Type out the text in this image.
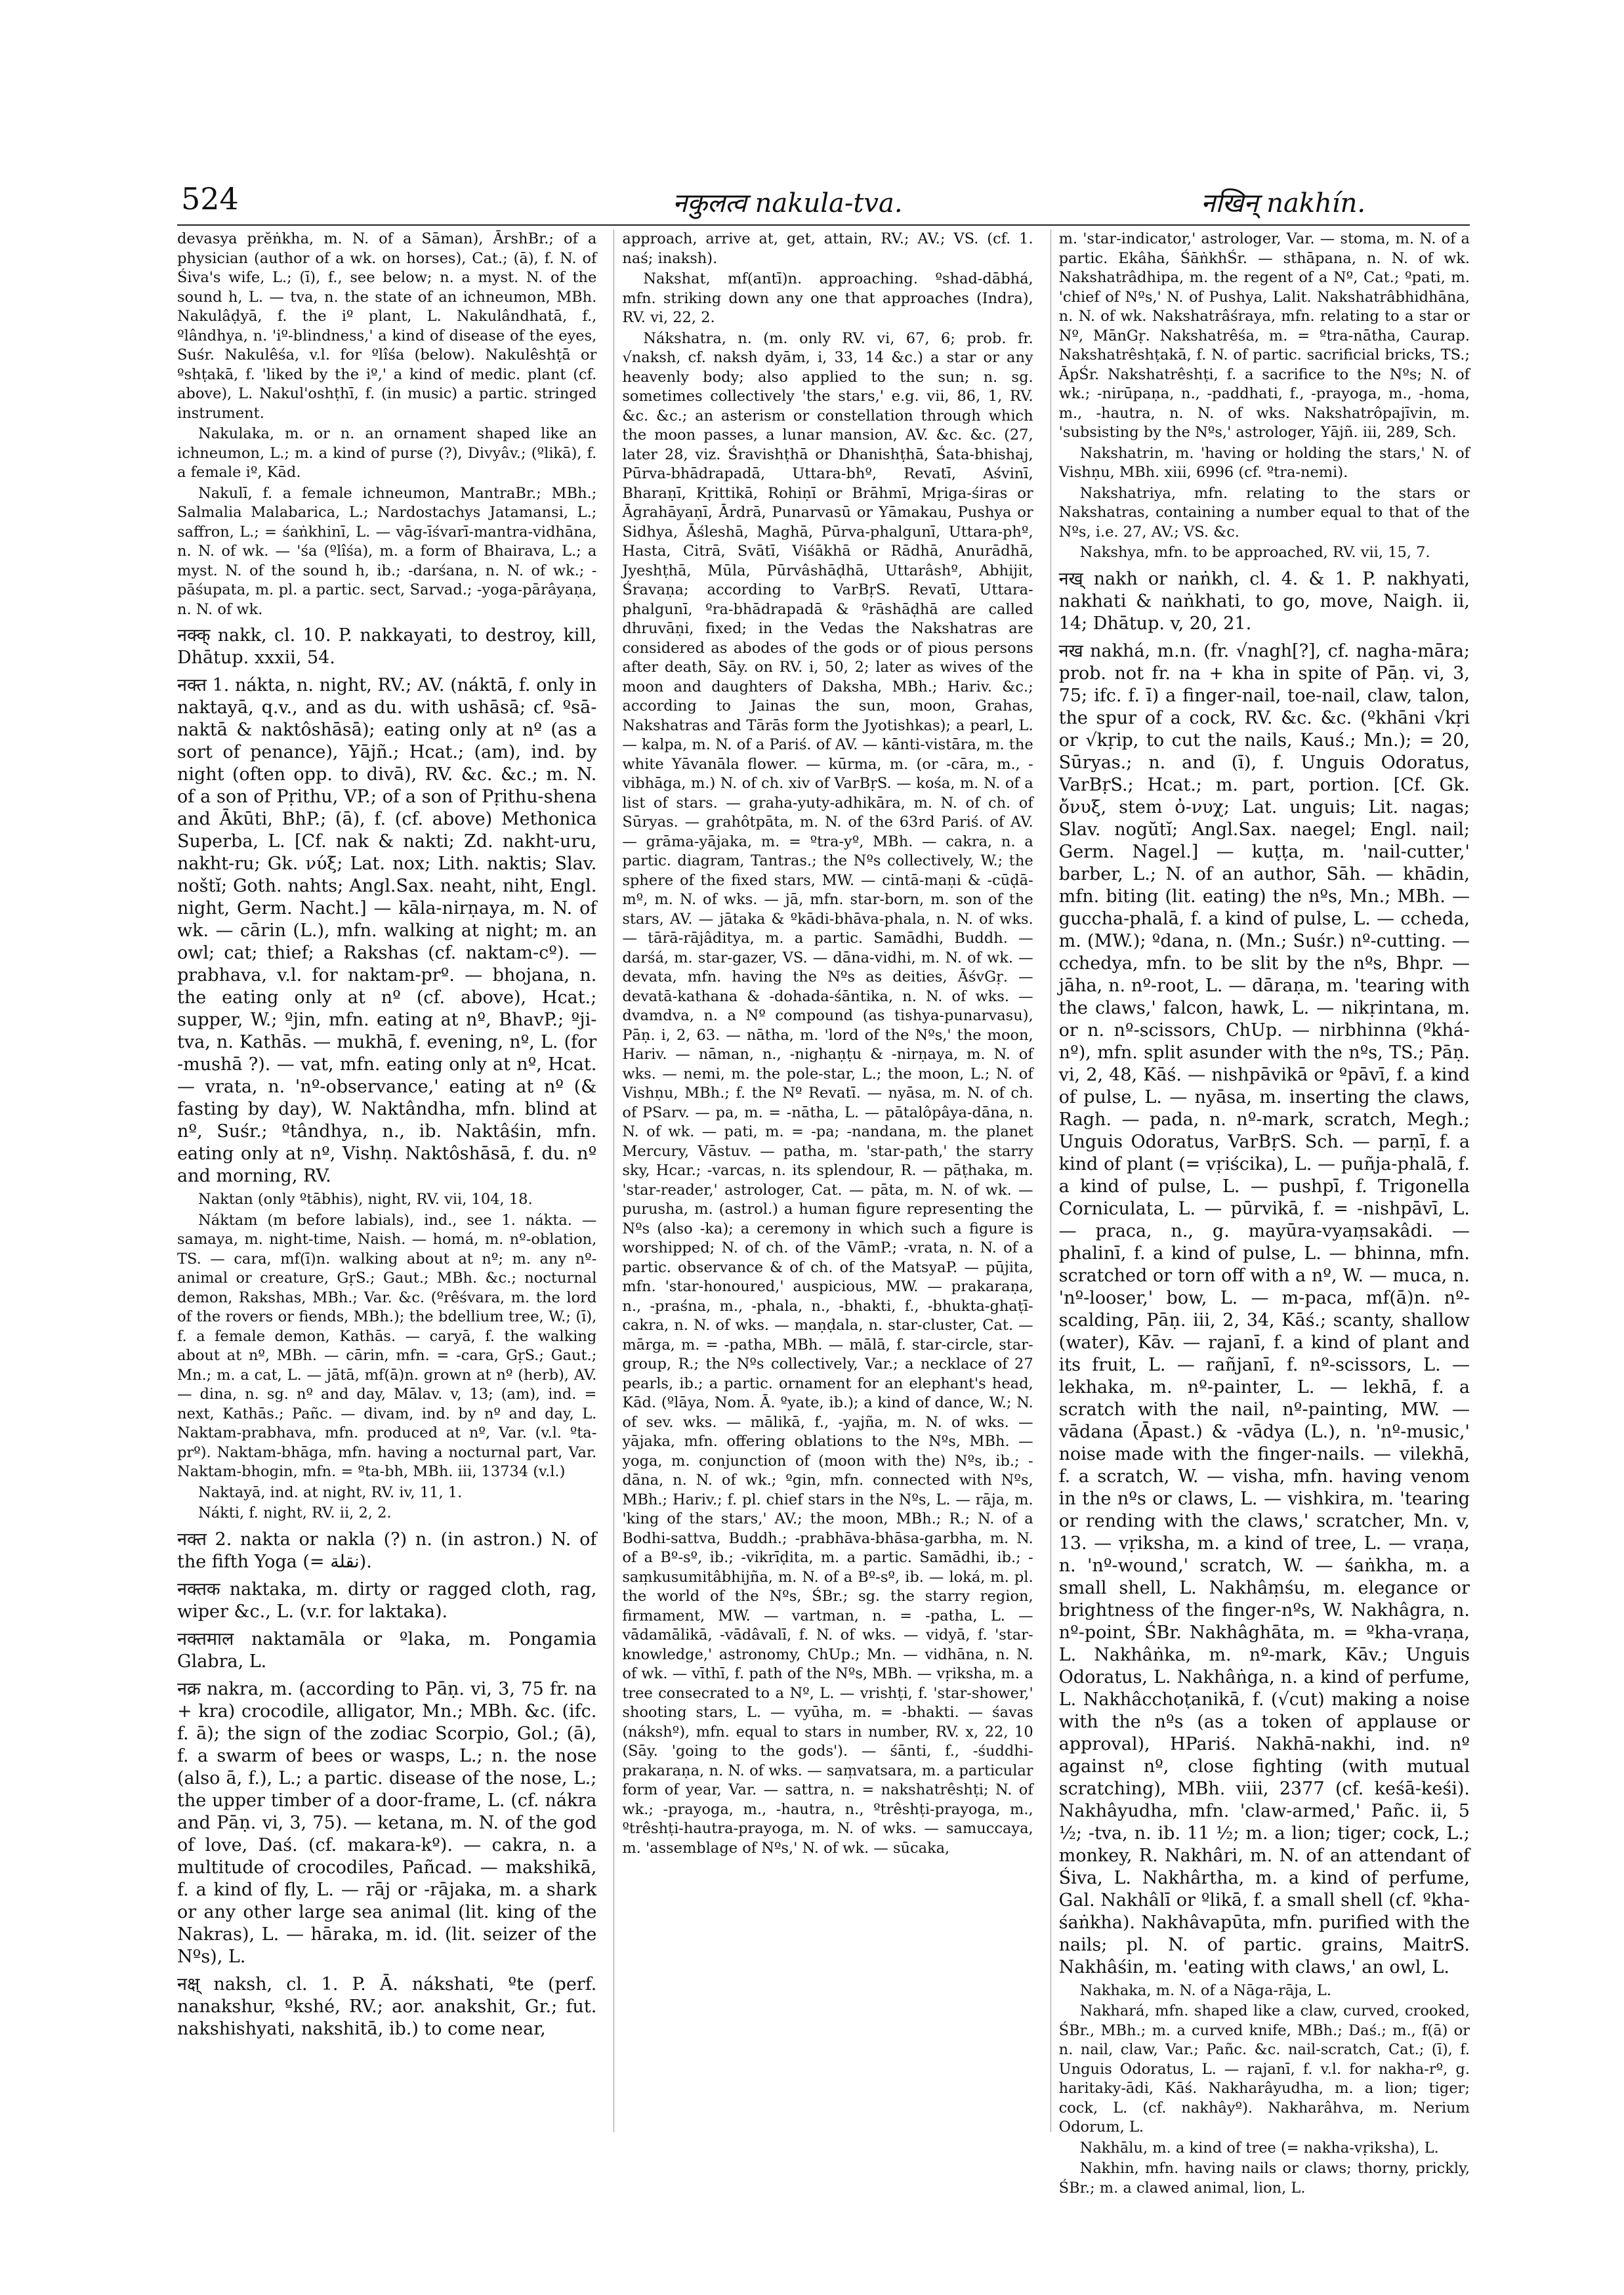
524	नकुलत्व nakula-tva.	नखिन् nakhín.

devasya prĕṅkha, m. N. of a Sāman), ĀrshBr.; of a physician (author of a wk. on horses), Cat.; (ā), f. N. of Śiva's wife, L.; (ī), f., see below; n. a myst. N. of the sound h, L. — tva, n. the state of an ichneumon, MBh. Nakulâḍyā, f. the iº plant, L. Nakulândhatā, f., ºlândhya, n. 'iº-blindness,' a kind of disease of the eyes, Suśr. Nakulêśa, v.l. for ºlîśa (below). Nakulêshṭā or ºshṭakā, f. 'liked by the iº,' a kind of medic. plant (cf. above), L. Nakul'oshṭhī, f. (in music) a partic. stringed instrument.

Nakulaka, m. or n. an ornament shaped like an ichneumon, L.; m. a kind of purse (?), Divyâv.; (ºlikā), f. a female iº, Kād.

Nakulī, f. a female ichneumon, MantraBr.; MBh.; Salmalia Malabarica, L.; Nardostachys Jatamansi, L.; saffron, L.; = śaṅkhinī, L. — vāg-īśvarī-mantra-vidhāna, n. N. of wk. — 'śa (ºlîśa), m. a form of Bhairava, L.; a myst. N. of the sound h, ib.; -darśana, n. N. of wk.; -pāśupata, m. pl. a partic. sect, Sarvad.; -yoga-pārâyaṇa, n. N. of wk.

नक्क् nakk, cl. 10. P. nakkayati, to destroy, kill, Dhātup. xxxii, 54.

नक्त 1. nákta, n. night, RV.; AV. (náktā, f. only in naktayā, q.v., and as du. with ushāsā; cf. ºsā-naktā & naktôshāsā); eating only at nº (as a sort of penance), Yājñ.; Hcat.; (am), ind. by night (often opp. to divā), RV. &c. &c.; m. N. of a son of Pṛithu, VP.; of a son of Pṛithu-shena and Ākūti, BhP.; (ā), f. (cf. above) Methonica Superba, L. [Cf. nak & nakti; Zd. nakht-uru, nakht-ru; Gk. νύξ; Lat. nox; Lith. naktis; Slav. noštĭ; Goth. nahts; Angl.Sax. neaht, niht, Engl. night, Germ. Nacht.] — kāla-nirṇaya, m. N. of wk. — cārin (L.), mfn. walking at night; m. an owl; cat; thief; a Rakshas (cf. naktam-cº). — prabhava, v.l. for naktam-prº. — bhojana, n. the eating only at nº (cf. above), Hcat.; supper, W.; ºjin, mfn. eating at nº, BhavP.; ºji-tva, n. Kathās. — mukhā, f. evening, nº, L. (for -mushā ?). — vat, mfn. eating only at nº, Hcat. — vrata, n. 'nº-observance,' eating at nº (& fasting by day), W. Naktândha, mfn. blind at nº, Suśr.; ºtândhya, n., ib. Naktâśin, mfn. eating only at nº, Vishṇ. Naktôshāsā, f. du. nº and morning, RV.

Naktan (only ºtābhis), night, RV. vii, 104, 18.

Náktam (m before labials), ind., see 1. nákta. — samaya, m. night-time, Naish. — homá, m. nº-oblation, TS. — cara, mf(ī)n. walking about at nº; m. any nº-animal or creature, GṛS.; Gaut.; MBh. &c.; nocturnal demon, Rakshas, MBh.; Var. &c. (ºrêśvara, m. the lord of the rovers or fiends, MBh.); the bdellium tree, W.; (ī), f. a female demon, Kathās. — caryā, f. the walking about at nº, MBh. — cārin, mfn. = -cara, GṛS.; Gaut.; Mn.; m. a cat, L. — jātā, mf(ā)n. grown at nº (herb), AV. — dina, n. sg. nº and day, Mālav. v, 13; (am), ind. = next, Kathās.; Pañc. — divam, ind. by nº and day, L. Naktam-prabhava, mfn. produced at nº, Var. (v.l. ºta-prº). Naktam-bhāga, mfn. having a nocturnal part, Var. Naktam-bhogin, mfn. = ºta-bh, MBh. iii, 13734 (v.l.)

Naktayā, ind. at night, RV. iv, 11, 1.

Nákti, f. night, RV. ii, 2, 2.

नक्त 2. nakta or nakla (?) n. (in astron.) N. of the fifth Yoga (= نقلة).

नक्तक naktaka, m. dirty or ragged cloth, rag, wiper &c., L. (v.r. for laktaka).

नक्तमाल naktamāla or ºlaka, m. Pongamia Glabra, L.

नक्र nakra, m. (according to Pāṇ. vi, 3, 75 fr. na + kra) crocodile, alligator, Mn.; MBh. &c. (ifc. f. ā); the sign of the zodiac Scorpio, Gol.; (ā), f. a swarm of bees or wasps, L.; n. the nose (also ā, f.), L.; a partic. disease of the nose, L.; the upper timber of a door-frame, L. (cf. nákra and Pāṇ. vi, 3, 75). — ketana, m. N. of the god of love, Daś. (cf. makara-kº). — cakra, n. a multitude of crocodiles, Pañcad. — makshikā, f. a kind of fly, L. — rāj or -rājaka, m. a shark or any other large sea animal (lit. king of the Nakras), L. — hāraka, m. id. (lit. seizer of the Nºs), L.

नक्ष् naksh, cl. 1. P. Ā. nákshati, ºte (perf. nanakshur, ºkshé, RV.; aor. anakshit, Gr.; fut. nakshishyati, nakshitā, ib.) to come near,

approach, arrive at, get, attain, RV.; AV.; VS. (cf. 1. naś; inaksh).

Nakshat, mf(antī)n. approaching. ºshad-dābhá, mfn. striking down any one that approaches (Indra), RV. vi, 22, 2.

Nákshatra, n. (m. only RV. vi, 67, 6; prob. fr. √naksh, cf. naksh dyām, i, 33, 14 &c.) a star or any heavenly body; also applied to the sun; n. sg. sometimes collectively 'the stars,' e.g. vii, 86, 1, RV. &c. &c.; an asterism or constellation through which the moon passes, a lunar mansion, AV. &c. &c. (27, later 28, viz. Śravishṭhā or Dhanishṭhā, Śata-bhishaj, Pūrva-bhādrapadā, Uttara-bhº, Revatī, Aśvinī, Bharaṇī, Kṛittikā, Rohiṇī or Brāhmī, Mṛiga-śiras or Āgrahāyaṇī, Ārdrā, Punarvasū or Yāmakau, Pushya or Sidhya, Āśleshā, Maghā, Pūrva-phalgunī, Uttara-phº, Hasta, Citrā, Svātī, Viśākhā or Rādhā, Anurādhā, Jyeshṭhā, Mūla, Pūrvâshāḍhā, Uttarâshº, Abhijit, Śravaṇa; according to VarBṛS. Revatī, Uttara-phalgunī, ºra-bhādrapadā & ºrāshāḍhā are called dhruvāṇi, fixed; in the Vedas the Nakshatras are considered as abodes of the gods or of pious persons after death, Sāy. on RV. i, 50, 2; later as wives of the moon and daughters of Daksha, MBh.; Hariv. &c.; according to Jainas the sun, moon, Grahas, Nakshatras and Tārās form the Jyotishkas); a pearl, L. — kalpa, m. N. of a Pariś. of AV. — kānti-vistāra, m. the white Yāvanāla flower. — kūrma, m. (or -cāra, m., -vibhāga, m.) N. of ch. xiv of VarBṛS. — kośa, m. N. of a list of stars. — graha-yuty-adhikāra, m. N. of ch. of Sūryas. — grahôtpāta, m. N. of the 63rd Pariś. of AV. — grāma-yājaka, m. = ºtra-yº, MBh. — cakra, n. a partic. diagram, Tantras.; the Nºs collectively, W.; the sphere of the fixed stars, MW. — cintā-maṇi & -cūḍā-mº, m. N. of wks. — jā, mfn. star-born, m. son of the stars, AV. — jātaka & ºkādi-bhāva-phala, n. N. of wks. — tārā-rājâditya, m. a partic. Samādhi, Buddh. — darśá, m. star-gazer, VS. — dāna-vidhi, m. N. of wk. — devata, mfn. having the Nºs as deities, ĀśvGṛ. — devatā-kathana & -dohada-śāntika, n. N. of wks. — dvamdva, n. a Nº compound (as tishya-punarvasu), Pāṇ. i, 2, 63. — nātha, m. 'lord of the Nºs,' the moon, Hariv. — nāman, n., -nighaṇṭu & -nirṇaya, m. N. of wks. — nemi, m. the pole-star, L.; the moon, L.; N. of Vishṇu, MBh.; f. the Nº Revatī. — nyāsa, m. N. of ch. of PSarv. — pa, m. = -nātha, L. — pātalôpâya-dāna, n. N. of wk. — pati, m. = -pa; -nandana, m. the planet Mercury, Vāstuv. — patha, m. 'star-path,' the starry sky, Hcar.; -varcas, n. its splendour, R. — pāṭhaka, m. 'star-reader,' astrologer, Cat. — pāta, m. N. of wk. — purusha, m. (astrol.) a human figure representing the Nºs (also -ka); a ceremony in which such a figure is worshipped; N. of ch. of the VāmP.; -vrata, n. N. of a partic. observance & of ch. of the MatsyaP. — pūjita, mfn. 'star-honoured,' auspicious, MW. — prakaraṇa, n., -praśna, m., -phala, n., -bhakti, f., -bhukta-ghaṭī-cakra, n. N. of wks. — maṇḍala, n. star-cluster, Cat. — mārga, m. = -patha, MBh. — mālā, f. star-circle, star-group, R.; the Nºs collectively, Var.; a necklace of 27 pearls, ib.; a partic. ornament for an elephant's head, Kād. (ºlāya, Nom. Ā. ºyate, ib.); a kind of dance, W.; N. of sev. wks. — mālikā, f., -yajña, m. N. of wks. — yājaka, mfn. offering oblations to the Nºs, MBh. — yoga, m. conjunction of (moon with the) Nºs, ib.; -dāna, n. N. of wk.; ºgin, mfn. connected with Nºs, MBh.; Hariv.; f. pl. chief stars in the Nºs, L. — rāja, m. 'king of the stars,' AV.; the moon, MBh.; R.; N. of a Bodhi-sattva, Buddh.; -prabhāva-bhāsa-garbha, m. N. of a Bº-sº, ib.; -vikrīḍita, m. a partic. Samādhi, ib.; -saṃkusumitâbhijña, m. N. of a Bº-sº, ib. — loká, m. pl. the world of the Nºs, ŚBr.; sg. the starry region, firmament, MW. — vartman, n. = -patha, L. — vādamālikā, -vādâvalī, f. N. of wks. — vidyā, f. 'star-knowledge,' astronomy, ChUp.; Mn. — vidhāna, n. N. of wk. — vīthī, f. path of the Nºs, MBh. — vṛiksha, m. a tree consecrated to a Nº, L. — vrishṭi, f. 'star-shower,' shooting stars, L. — vyūha, m. = -bhakti. — śavas (nákshº), mfn. equal to stars in number, RV. x, 22, 10 (Sāy. 'going to the gods'). — śānti, f., -śuddhi-prakaraṇa, n. N. of wks. — saṃvatsara, m. a particular form of year, Var. — sattra, n. = nakshatrêshṭi; N. of wk.; -prayoga, m., -hautra, n., ºtrêshṭi-prayoga, m., ºtrêshṭi-hautra-prayoga, m. N. of wks. — samuccaya, m. 'assemblage of Nºs,' N. of wk. — sūcaka,

m. 'star-indicator,' astrologer, Var. — stoma, m. N. of a partic. Ekâha, ŚāṅkhŚr. — sthāpana, n. N. of wk. Nakshatrâdhipa, m. the regent of a Nº, Cat.; ºpati, m. 'chief of Nºs,' N. of Pushya, Lalit. Nakshatrâbhidhāna, n. N. of wk. Nakshatrâśraya, mfn. relating to a star or Nº, MānGṛ. Nakshatrêśa, m. = ºtra-nātha, Caurap. Nakshatrêshṭakā, f. N. of partic. sacrificial bricks, TS.; ĀpŚr. Nakshatrêshṭi, f. a sacrifice to the Nºs; N. of wk.; -nirūpaṇa, n., -paddhati, f., -prayoga, m., -homa, m., -hautra, n. N. of wks. Nakshatrôpajīvin, m. 'subsisting by the Nºs,' astrologer, Yājñ. iii, 289, Sch.

Nakshatrin, m. 'having or holding the stars,' N. of Vishṇu, MBh. xiii, 6996 (cf. ºtra-nemi).

Nakshatriya, mfn. relating to the stars or Nakshatras, containing a number equal to that of the Nºs, i.e. 27, AV.; VS. &c.

Nakshya, mfn. to be approached, RV. vii, 15, 7.

नख् nakh or naṅkh, cl. 4. & 1. P. nakhyati, nakhati & naṅkhati, to go, move, Naigh. ii, 14; Dhātup. v, 20, 21.

नख nakhá, m.n. (fr. √nagh[?], cf. nagha-māra; prob. not fr. na + kha in spite of Pāṇ. vi, 3, 75; ifc. f. ī) a finger-nail, toe-nail, claw, talon, the spur of a cock, RV. &c. &c. (ºkhāni √kṛi or √kṛip, to cut the nails, Kauś.; Mn.); = 20, Sūryas.; n. and (ī), f. Unguis Odoratus, VarBṛS.; Hcat.; m. part, portion. [Cf. Gk. ὄνυξ, stem ὀ-νυχ; Lat. unguis; Lit. nagas; Slav. nogŭtĭ; Angl.Sax. naegel; Engl. nail; Germ. Nagel.] — kuṭṭa, m. 'nail-cutter,' barber, L.; N. of an author, Sāh. — khādin, mfn. biting (lit. eating) the nºs, Mn.; MBh. — guccha-phalā, f. a kind of pulse, L. — ccheda, m. (MW.); ºdana, n. (Mn.; Suśr.) nº-cutting. — cchedya, mfn. to be slit by the nºs, Bhpr. — jāha, n. nº-root, L. — dāraṇa, m. 'tearing with the claws,' falcon, hawk, L. — nikṛintana, m. or n. nº-scissors, ChUp. — nirbhinna (ºkhá-nº), mfn. split asunder with the nºs, TS.; Pāṇ. vi, 2, 48, Kāś. — nishpāvikā or ºpāvī, f. a kind of pulse, L. — nyāsa, m. inserting the claws, Ragh. — pada, n. nº-mark, scratch, Megh.; Unguis Odoratus, VarBṛS. Sch. — parṇī, f. a kind of plant (= vṛiścika), L. — puñja-phalā, f. a kind of pulse, L. — pushpī, f. Trigonella Corniculata, L. — pūrvikā, f. = -nishpāvī, L. — praca, n., g. mayūra-vyaṃsakâdi. — phalinī, f. a kind of pulse, L. — bhinna, mfn. scratched or torn off with a nº, W. — muca, n. 'nº-looser,' bow, L. — m-paca, mf(ā)n. nº-scalding, Pāṇ. iii, 2, 34, Kāś.; scanty, shallow (water), Kāv. — rajanī, f. a kind of plant and its fruit, L. — rañjanī, f. nº-scissors, L. — lekhaka, m. nº-painter, L. — lekhā, f. a scratch with the nail, nº-painting, MW. — vādana (Āpast.) & -vādya (L.), n. 'nº-music,' noise made with the finger-nails. — vilekhā, f. a scratch, W. — visha, mfn. having venom in the nºs or claws, L. — vishkira, m. 'tearing or rending with the claws,' scratcher, Mn. v, 13. — vṛiksha, m. a kind of tree, L. — vraṇa, n. 'nº-wound,' scratch, W. — śaṅkha, m. a small shell, L. Nakhâṃśu, m. elegance or brightness of the finger-nºs, W. Nakhâgra, n. nº-point, ŚBr. Nakhâghāta, m. = ºkha-vraṇa, L. Nakhâṅka, m. nº-mark, Kāv.; Unguis Odoratus, L. Nakhâṅga, n. a kind of perfume, L. Nakhâcchoṭanikā, f. (√cut) making a noise with the nºs (as a token of applause or approval), HPariś. Nakhā-nakhi, ind. nº against nº, close fighting (with mutual scratching), MBh. viii, 2377 (cf. keśā-keśi). Nakhâyudha, mfn. 'claw-armed,' Pañc. ii, 5 ½; -tva, n. ib. 11 ½; m. a lion; tiger; cock, L.; monkey, R. Nakhâri, m. N. of an attendant of Śiva, L. Nakhârtha, m. a kind of perfume, Gal. Nakhâlī or ºlikā, f. a small shell (cf. ºkha-śaṅkha). Nakhâvapūta, mfn. purified with the nails; pl. N. of partic. grains, MaitrS. Nakhâśin, m. 'eating with claws,' an owl, L.

Nakhaka, m. N. of a Nāga-rāja, L.

Nakhará, mfn. shaped like a claw, curved, crooked, ŚBr., MBh.; m. a curved knife, MBh.; Daś.; m., f(ā) or n. nail, claw, Var.; Pañc. &c. nail-scratch, Cat.; (ī), f. Unguis Odoratus, L. — rajanī, f. v.l. for nakha-rº, g. haritaky-ādi, Kāś. Nakharâyudha, m. a lion; tiger; cock, L. (cf. nakhâyº). Nakharâhva, m. Nerium Odorum, L.

Nakhālu, m. a kind of tree (= nakha-vṛiksha), L.

Nakhin, mfn. having nails or claws; thorny, prickly, ŚBr.; m. a clawed animal, lion, L.
